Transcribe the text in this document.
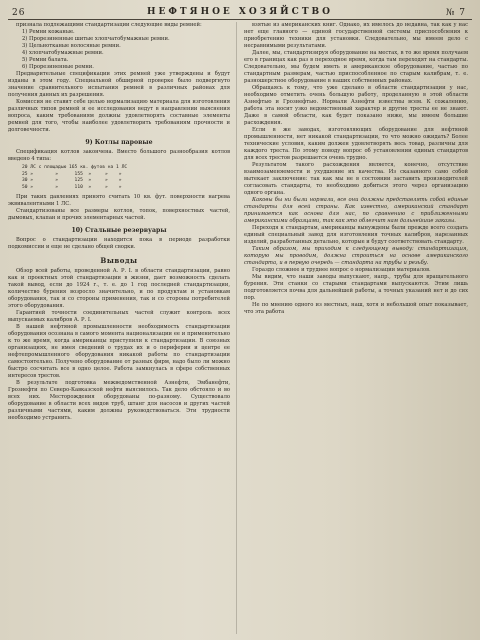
26	НЕФТЯНОЕ ХОЗЯЙСТВО	№ 7

признала подлежащими стандартизации следующие виды ремней:

1) Ремни кожаные.

2) Прорезиненные шитые хлопчатобумажные ремни.

3) Цельнотканые волосяные ремни.

4) хлопчатобумажные ремни.

5) Ремни балата.

6) Прорезиненные ремни.

Предварительные спецификации этих ремней уже утверждены и будут изданы в этом году. Специальной обширной проверке было подвергнуто значение сравнительного испытания ремней в различных районах для получения данных их разрешения.

Комиссия не ставит себе целью нормализацию материала для изготовления различных типов ремней и ее исследования ведут в направлении выяснения вопроса, каким требованиям должны удовлетворять составные элементы ремней для того, чтобы наиболее удовлетворить требованиям прочности и долговечности.

9) Котлы паровые

Спецификация котлов закончена. Вместо большого разнообразия котлов введено 4 типа:

20 ЛС с площадью 165 кв. футов на 1 ЛС
25 »        »      155  »     »    »
30 »        »      125  »     »    »
50 »        »      110  »     »    »

При таких давлениях принято считать 10 кв. фут. поверхности нагрева эквивалентными 1 ЛС.

Стандартизованы все размеры котлов, топок, поверхностных частей, дымовых, клапан и прочих элементарных частей.

10) Стальные резервуары

Вопрос о стандартизации находится пока в периоде разработки подкомиссии и еще не сделано общей сводки.

Выводы

Обзор всей работы, проведенной А. Р. I. в области стандартизации, равно как и проектных этой стандартизации в жизни, дает возможность сделать такой вывод, если до 1924 г., т. е. до 1 год последней стандартизации, количество бурения возросло значительно, и по продуктам и установкам оборудования, так и со стороны применения, так и со стороны потребителей этого оборудования.

Гарантией точности соединительных частей служит контроль всех выпускаемых калибров А. Р. I.

В нашей нефтяной промышленности необходимость стандартизации оборудования осознана в самого момента национализации ее и применительно к то же время, когда американцы приступили к стандартизации. В союзных организациях, не имея сведений о трудах их и о периферии и центре ее нефтепромышленного оборудования никакой работы по стандартизации самостоятельно. Получено оборудование от разных фирм, надо было ли можно быстро сосчитать все в одно целое. Работа замкнулась в сфере собственных интересов трестов.

В результате подготовка межведомственной Азнефти, Эмбанефти, Грознефти по Северо-Кавказской нефти выяснилось. Так дело обстояло и во всех них. Месторождения оборудованы по-разному. Существовало оборудование в области всех видов труб, штанг для насосов и других частей различными частями, каким должны руководствоваться. Эти трудности необходимо устранить.

взятые из американских книг. Однако, их имелось до недавна, так как у нас нет еще главного — единой государственной системы приспособления к приобретению техники для установки. Следовательно, мы имеем дело с несравнимыми результатами.

Далее, мы, стандартизируя оборудование на местах, в то же время получаем его в границах как раз в переходное время, когда там переходят на стандарты. Следовательно, мы будем иметь и американское оборудование, частью по стандартным размерам, частью приспособленное по старым калибрам, т. е. разношерстное оборудование в наших собственных районах.

Обращаясь к тому, что уже сделано в области стандартизации у нас, необходимо отметить очень большую работу, проделанную в этой области Азнефтью и Грознефтью. Нормали Азнефти известны всем. К сожалению, работа эта носит узко ведомственный характер и другие тресты ее не знают. Даже в самой области, как будет показано ниже, мы имеем большие расхождения.

Если в же заводах, изготовляющих оборудование для нефтяной промышленности, нет никакой стандартизации, то что можно ожидать? Более технические условия, каким должен удовлетворять весь товар, различны для каждого треста. По этому поводу вопрос об установлении единых стандартов для всех трестов разрешается очень трудно.

Результатом такого расхождения является, конечно, отсутствие взаимозаменяемости и ухудшение их качества. Из сказанного само собой вытекает заключение: так как мы не в состоянии заставить производителей согласовать стандарты, то необходимо добиться этого через организацию одного органа.

Каковы бы ни были нормали, все они должны представлять собой единые стандарты для всей страны. Как известно, американский стандарт принимается как основа для нас, по сравнению с приближенными американскими образцами, так как это облегчит нам дальнейшие заказы.

Переходя к стандартам, американцы вынуждены были прежде всего создать единый специальный завод для изготовления точных калибров, нарезанных изделий, разработанных детально, которые и будут соответствовать стандарту.

Таким образом, мы приходим к следующему выводу: стандартизация, которую мы проводим, должна строиться на основе американского стандарта, и в первую очередь — стандарта на трубы и резьбу.

Гораздо сложнее и труднее вопрос о нормализации материалов.

Мы видим, что наши заводы выпускают, напр., трубы для вращательного бурения. Эти станки со старыми стандартами выпускаются. Этим лишь подготовляется почва для дальнейшей работы, а точных указаний нет и до сих пор.

Не по мнению одного из местных, наш, хотя и небольшой опыт показывает, что эта работа
